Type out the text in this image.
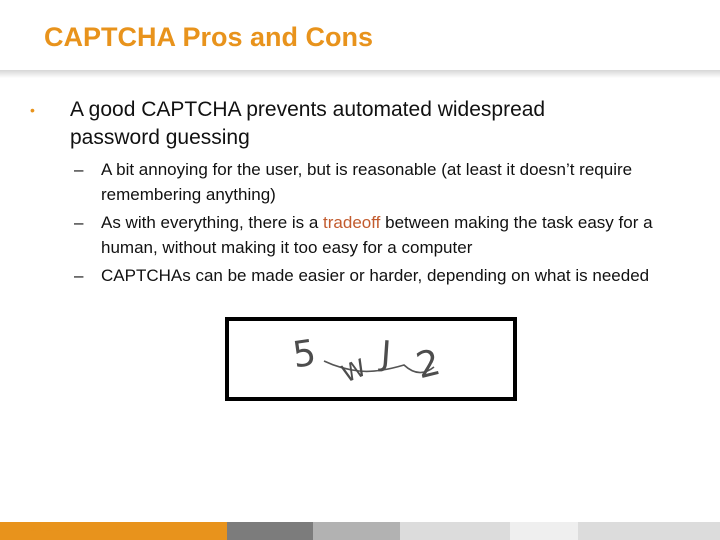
CAPTCHA Pros and Cons
•	A good CAPTCHA prevents automated widespread password guessing
–	A bit annoying for the user, but is reasonable (at least it doesn’t require remembering anything)
–	As with everything, there is a tradeoff between making the task easy for a human, without making it too easy for a computer
–	CAPTCHAs can be made easier or harder, depending on what is needed
5 W J 2
aladdin.com
